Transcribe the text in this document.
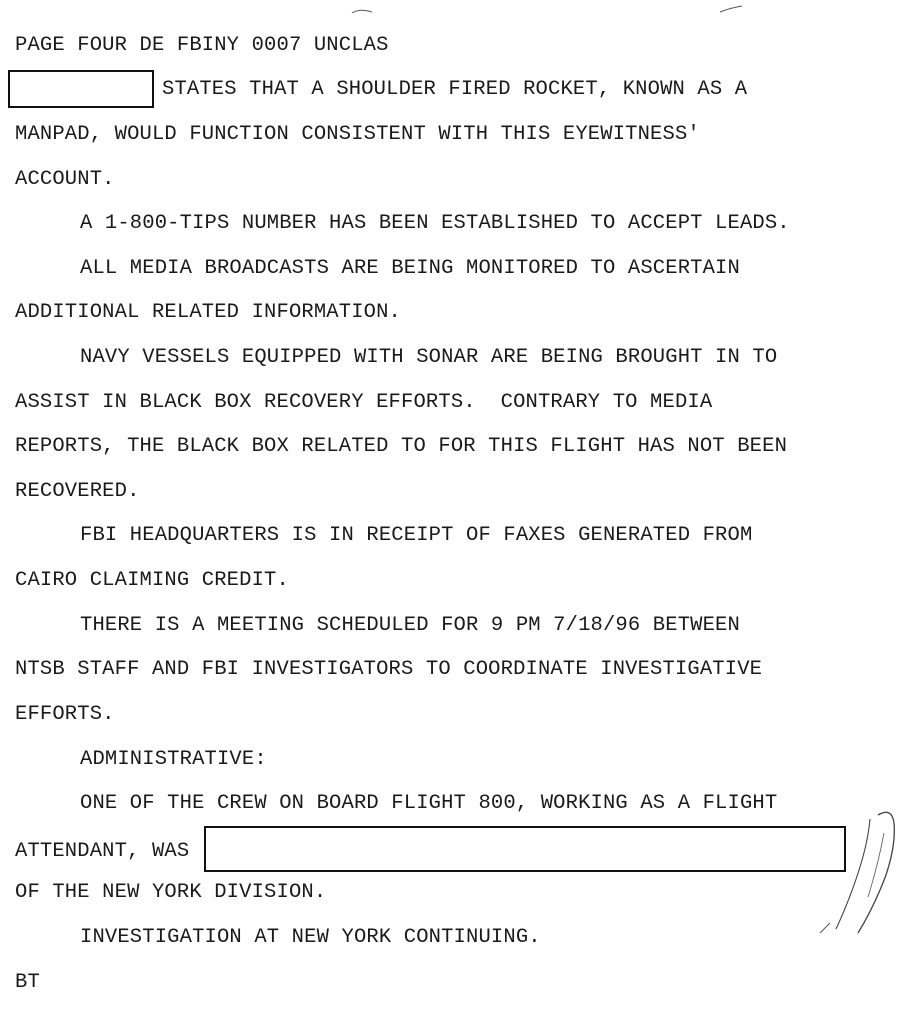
PAGE FOUR DE FBINY 0007 UNCLAS
STATES THAT A SHOULDER FIRED ROCKET, KNOWN AS A
MANPAD, WOULD FUNCTION CONSISTENT WITH THIS EYEWITNESS'
ACCOUNT.
A 1-800-TIPS NUMBER HAS BEEN ESTABLISHED TO ACCEPT LEADS.
ALL MEDIA BROADCASTS ARE BEING MONITORED TO ASCERTAIN
ADDITIONAL RELATED INFORMATION.
NAVY VESSELS EQUIPPED WITH SONAR ARE BEING BROUGHT IN TO
ASSIST IN BLACK BOX RECOVERY EFFORTS.  CONTRARY TO MEDIA
REPORTS, THE BLACK BOX RELATED TO FOR THIS FLIGHT HAS NOT BEEN
RECOVERED.
FBI HEADQUARTERS IS IN RECEIPT OF FAXES GENERATED FROM
CAIRO CLAIMING CREDIT.
THERE IS A MEETING SCHEDULED FOR 9 PM 7/18/96 BETWEEN
NTSB STAFF AND FBI INVESTIGATORS TO COORDINATE INVESTIGATIVE
EFFORTS.
ADMINISTRATIVE:
ONE OF THE CREW ON BOARD FLIGHT 800, WORKING AS A FLIGHT
ATTENDANT, WAS
OF THE NEW YORK DIVISION.
INVESTIGATION AT NEW YORK CONTINUING.
BT
